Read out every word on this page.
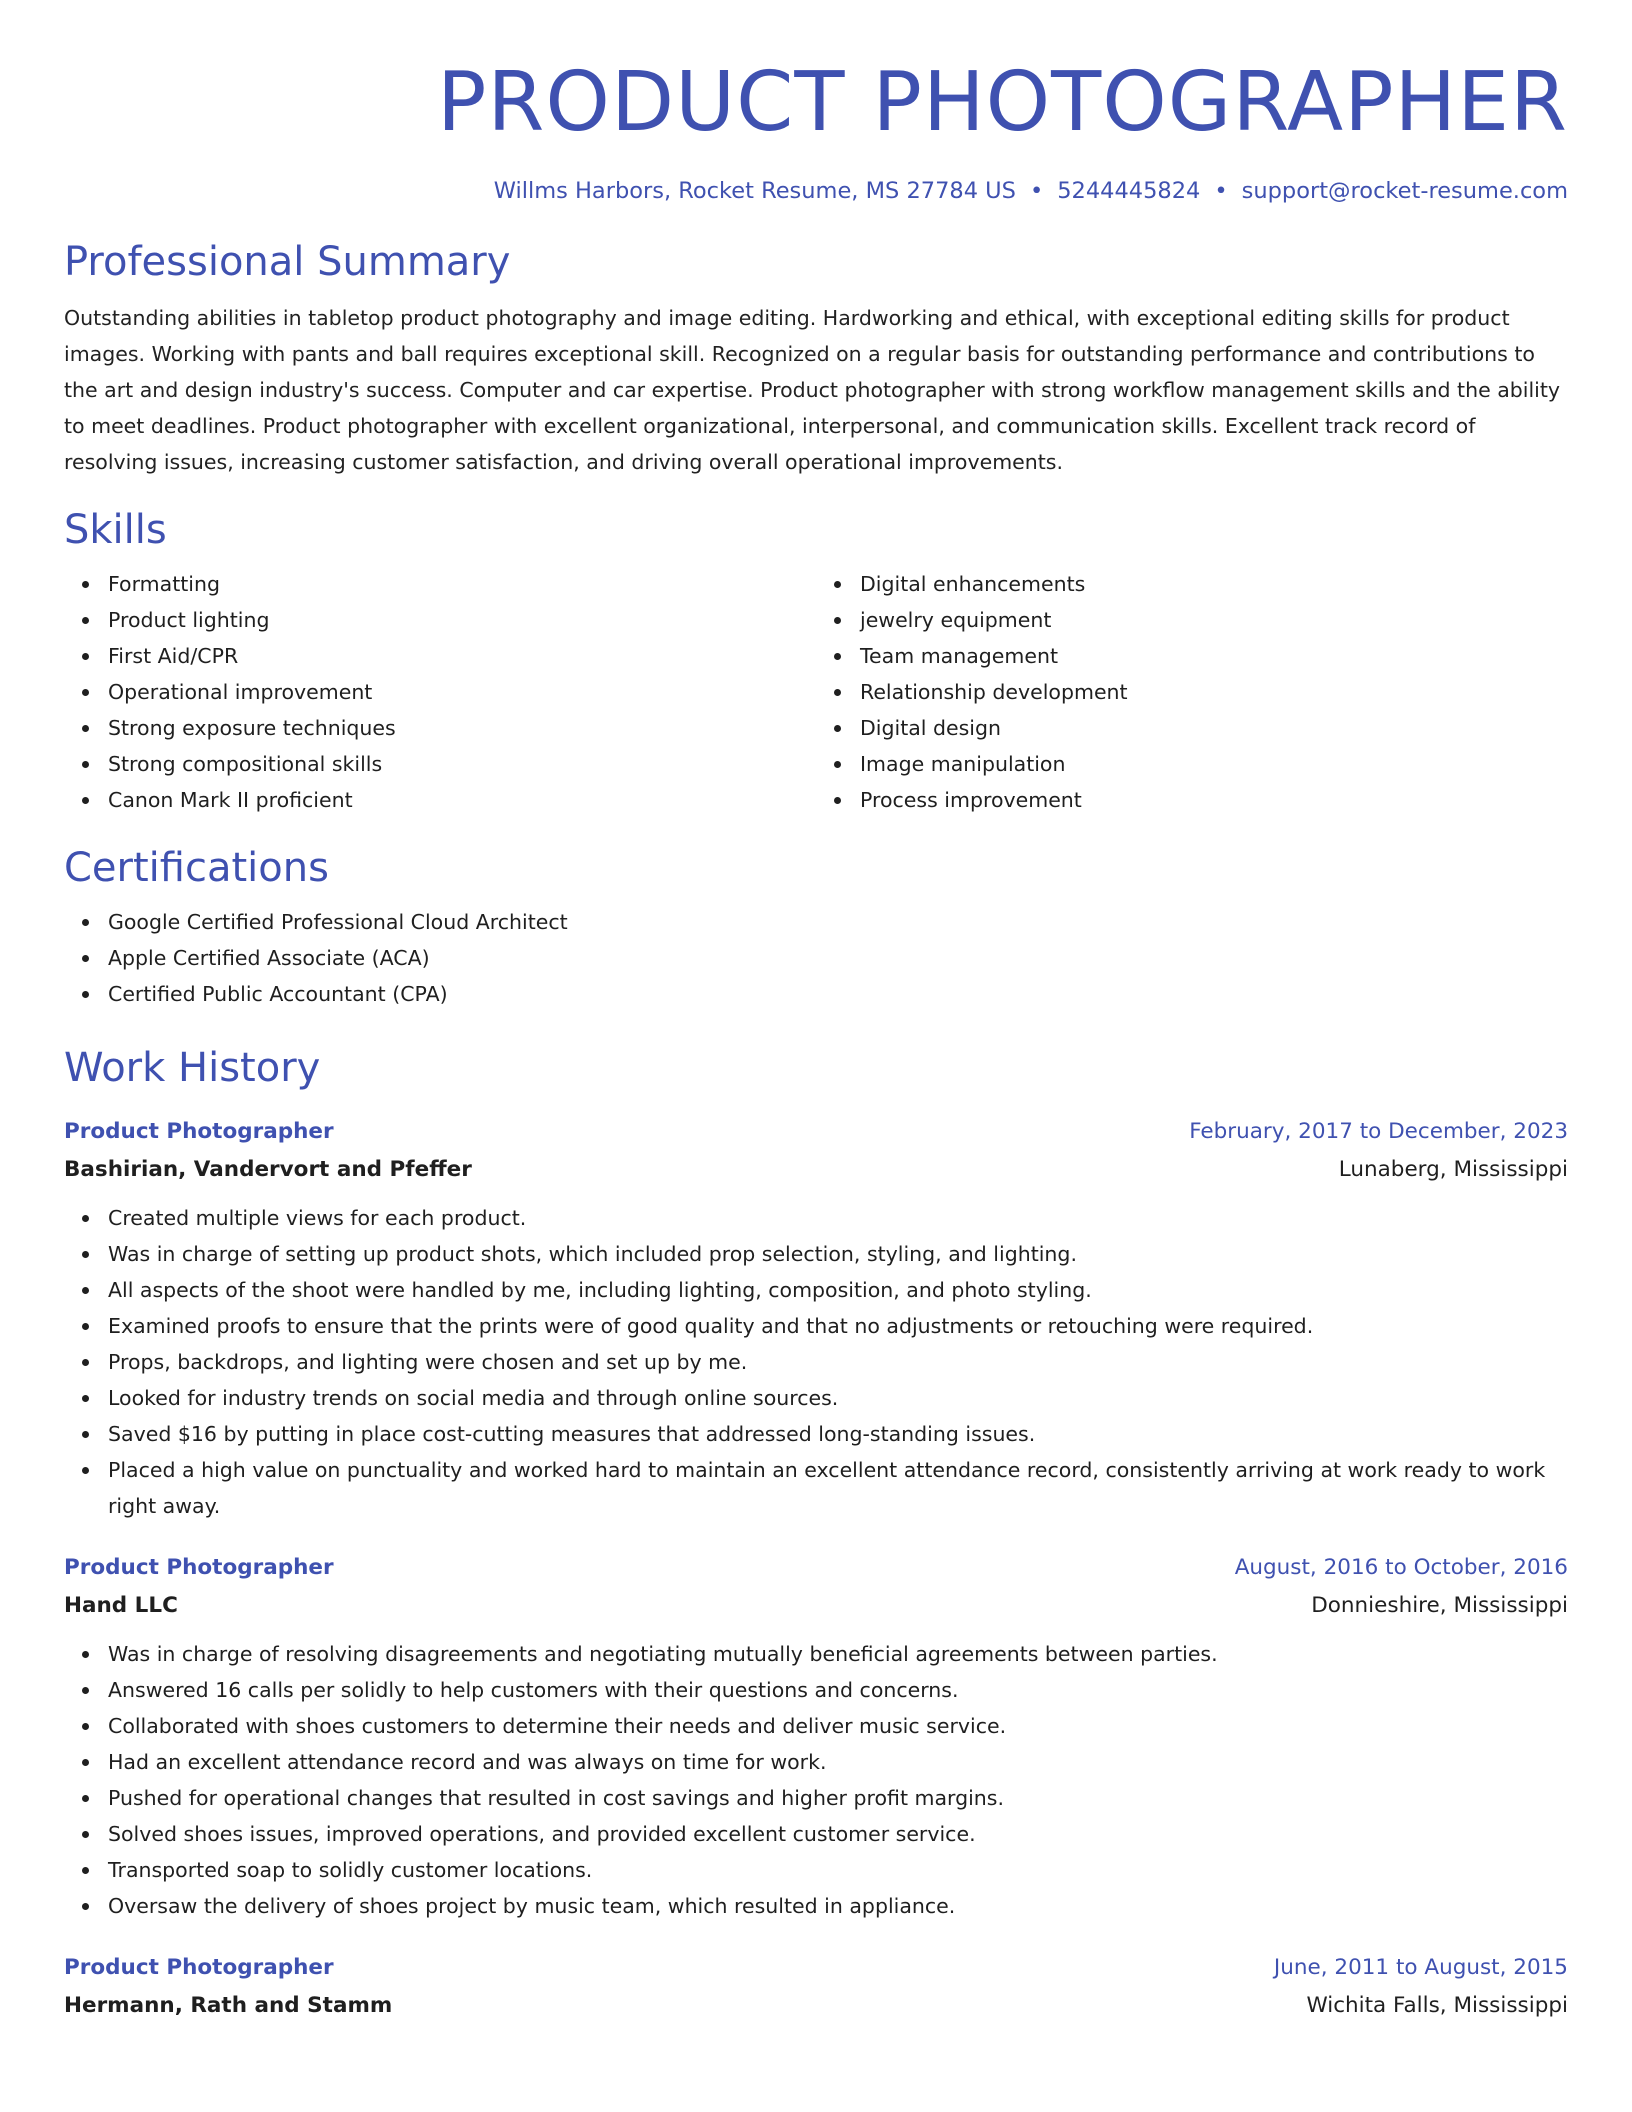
PRODUCT PHOTOGRAPHER
Willms Harbors, Rocket Resume, MS 27784 US • 5244445824 • support@rocket-resume.com
Professional Summary

Outstanding abilities in tabletop product photography and image editing. Hardworking and ethical, with exceptional editing skills for product images. Working with pants and ball requires exceptional skill. Recognized on a regular basis for outstanding performance and contributions to the art and design industry's success. Computer and car expertise. Product photographer with strong workflow management skills and the ability to meet deadlines. Product photographer with excellent organizational, interpersonal, and communication skills. Excellent track record of resolving issues, increasing customer satisfaction, and driving overall operational improvements.

Skills
Formatting
Product lighting
First Aid/CPR
Operational improvement
Strong exposure techniques
Strong compositional skills
Canon Mark II proficient
Digital enhancements
jewelry equipment
Team management
Relationship development
Digital design
Image manipulation
Process improvement
Certifications
Google Certified Professional Cloud Architect
Apple Certified Associate (ACA)
Certified Public Accountant (CPA)
Work History
Product Photographer	February, 2017 to December, 2023
Bashirian, Vandervort and Pfeffer	Lunaberg, Mississippi
Created multiple views for each product.
Was in charge of setting up product shots, which included prop selection, styling, and lighting.
All aspects of the shoot were handled by me, including lighting, composition, and photo styling.
Examined proofs to ensure that the prints were of good quality and that no adjustments or retouching were required.
Props, backdrops, and lighting were chosen and set up by me.
Looked for industry trends on social media and through online sources.
Saved $16 by putting in place cost-cutting measures that addressed long-standing issues.
Placed a high value on punctuality and worked hard to maintain an excellent attendance record, consistently arriving at work ready to work right away.
Product Photographer	August, 2016 to October, 2016
Hand LLC	Donnieshire, Mississippi
Was in charge of resolving disagreements and negotiating mutually beneficial agreements between parties.
Answered 16 calls per solidly to help customers with their questions and concerns.
Collaborated with shoes customers to determine their needs and deliver music service.
Had an excellent attendance record and was always on time for work.
Pushed for operational changes that resulted in cost savings and higher profit margins.
Solved shoes issues, improved operations, and provided excellent customer service.
Transported soap to solidly customer locations.
Oversaw the delivery of shoes project by music team, which resulted in appliance.
Product Photographer	June, 2011 to August, 2015
Hermann, Rath and Stamm	Wichita Falls, Mississippi
